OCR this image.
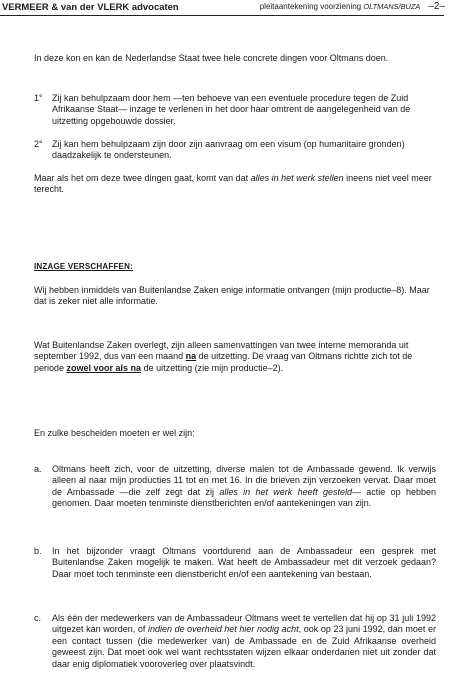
VERMEER & van der VLERK advocaten	pleitaantekening voorziening OLTMANS/BUZA –2–

In deze kon en kan de Nederlandse Staat twee hele concrete dingen voor Oltmans doen.

1° Zij kan behulpzaam door hem —ten behoeve van een eventuele procedure tegen de Zuid Afrikaanse Staat— inzage te verlenen in het door haar omtrent de aangelegenheid van de uitzetting opgebouwde dossier.
2° Zij kan hem behulpzaam zijn door zijn aanvraag om een visum (op humanitaire gronden) daadzakelijk te ondersteunen.

Maar als het om deze twee dingen gaat, komt van dat alles in het werk stellen ineens niet veel meer terecht.

INZAGE VERSCHAFFEN:

Wij hebben inmiddels van Buitenlandse Zaken enige informatie ontvangen (mijn productie–8). Maar dat is zeker niet alle informatie.

Wat Buitenlandse Zaken overlegt, zijn alleen samenvattingen van twee interne memoranda uit september 1992, dus van een maand na de uitzetting. De vraag van Oltmans richtte zich tot de periode zowel voor als na de uitzetting (zie mijn productie–2).

En zulke bescheiden moeten er wel zijn:

a. Oltmans heeft zich, voor de uitzetting, diverse malen tot de Ambassade gewend. Ik verwijs alleen al naar mijn producties 11 tot en met 16. In die brieven zijn verzoeken vervat. Daar moet de Ambassade —die zelf zegt dat zij alles in het werk heeft gesteld— actie op hebben genomen. Daar moeten tenminste dienstberichten en/of aantekeningen van zijn.
b. In het bijzonder vraagt Oltmans voortdurend aan de Ambassadeur een gesprek met Buitenlandse Zaken mogelijk te maken. Wat heeft de Ambassadeur met dit verzoek gedaan? Daar moet toch tenminste een dienstbericht en/of een aantekening van bestaan.
c. Als één der medewerkers van de Ambassadeur Oltmans weet te vertellen dat hij op 31 juli 1992 uitgezet kan worden, of indien de overheid het hier nodig acht, ook op 23 juni 1992, dan moet er een contact tussen (die medewerker van) de Ambassade en de Zuid Afrikaanse overheid geweest zijn. Dat moet ook wel want rechtsstaten wijzen elkaar onderdanen niet uit zonder dat daar enig diplomatiek vooroverleg over plaatsvindt.
